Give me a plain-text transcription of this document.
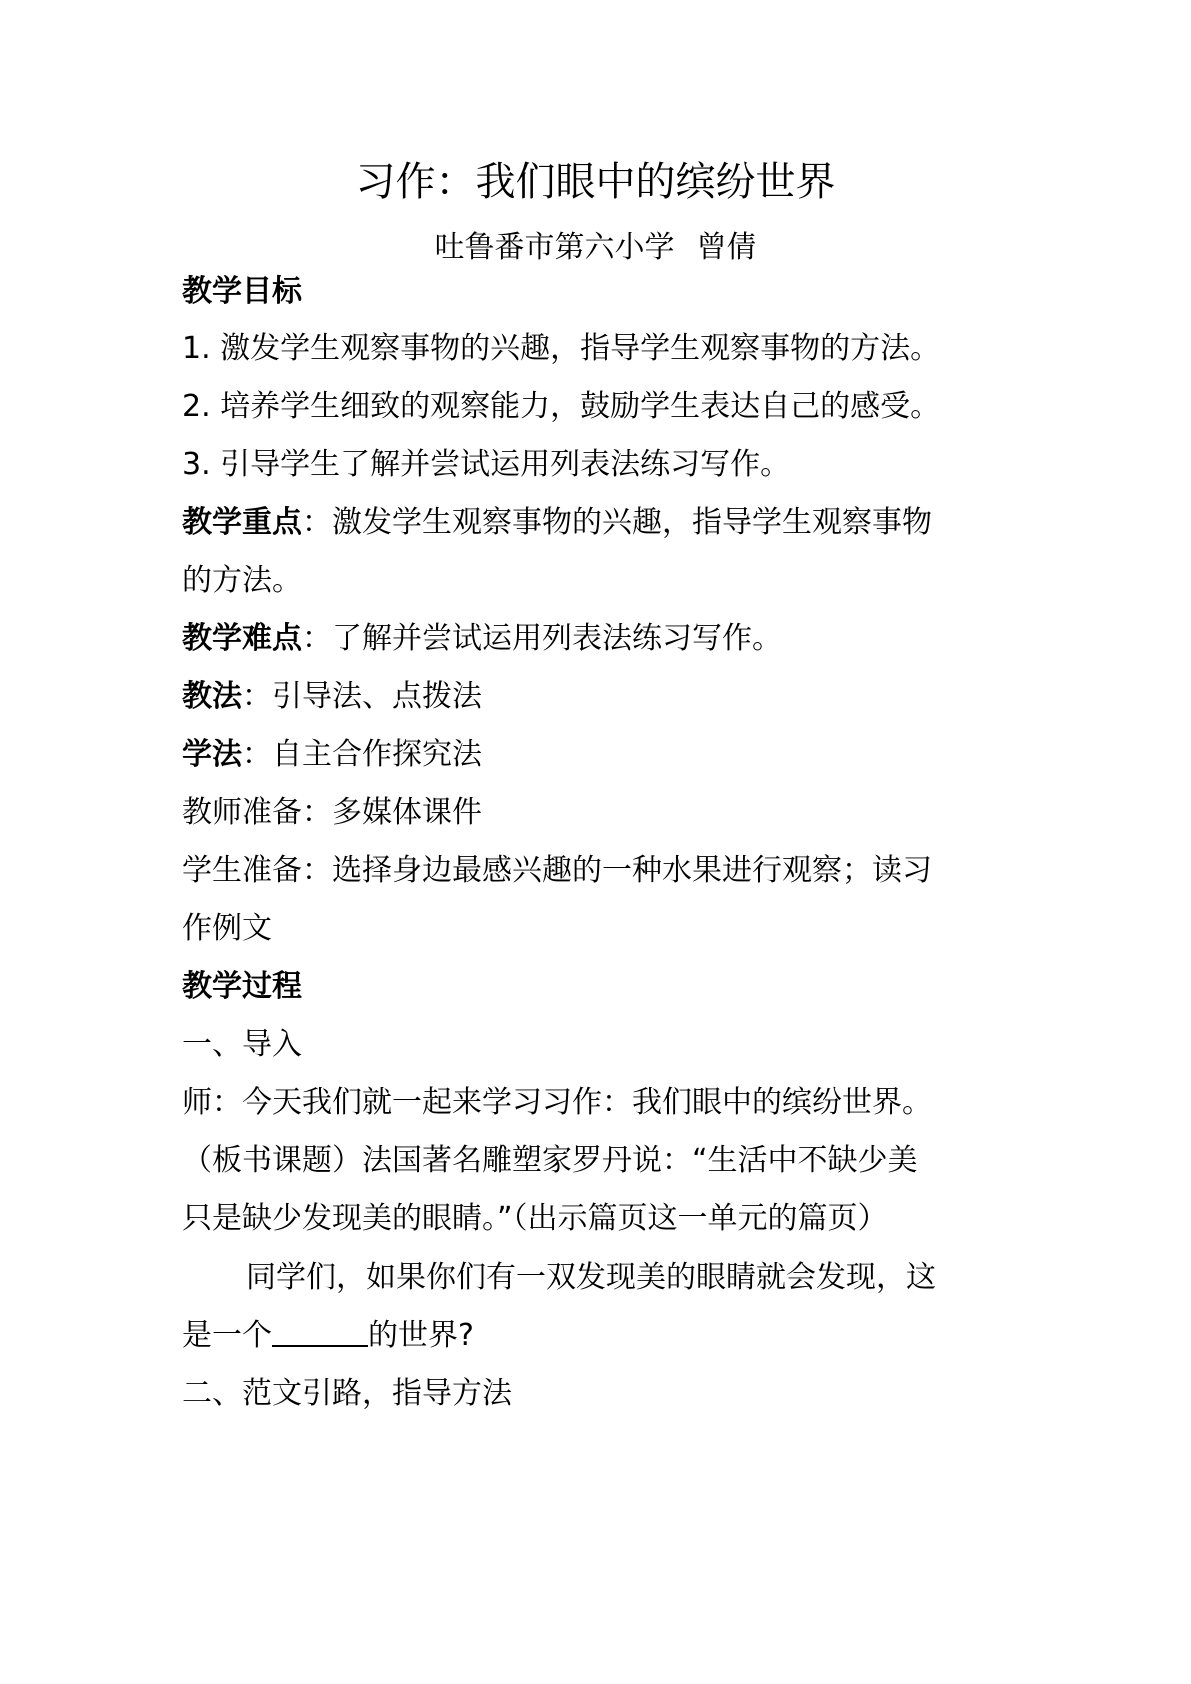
习作：我们眼中的缤纷世界
吐鲁番市第六小学 曾倩
教学目标
1. 激发学生观察事物的兴趣，指导学生观察事物的方法。
2. 培养学生细致的观察能力，鼓励学生表达自己的感受。
3. 引导学生了解并尝试运用列表法练习写作。
教学重点：激发学生观察事物的兴趣，指导学生观察事物
的方法。
教学难点：了解并尝试运用列表法练习写作。
教法：引导法、点拨法
学法：自主合作探究法
教师准备：多媒体课件
学生准备：选择身边最感兴趣的一种水果进行观察；读习
作例文
教学过程
一、导入
师：今天我们就一起来学习习作：我们眼中的缤纷世界。
（板书课题）法国著名雕塑家罗丹说：“生活中不缺少美
只是缺少发现美的眼睛。”（出示篇页这一单元的篇页）
同学们，如果你们有一双发现美的眼睛就会发现，这
是一个	的世界?
二、范文引路，指导方法
